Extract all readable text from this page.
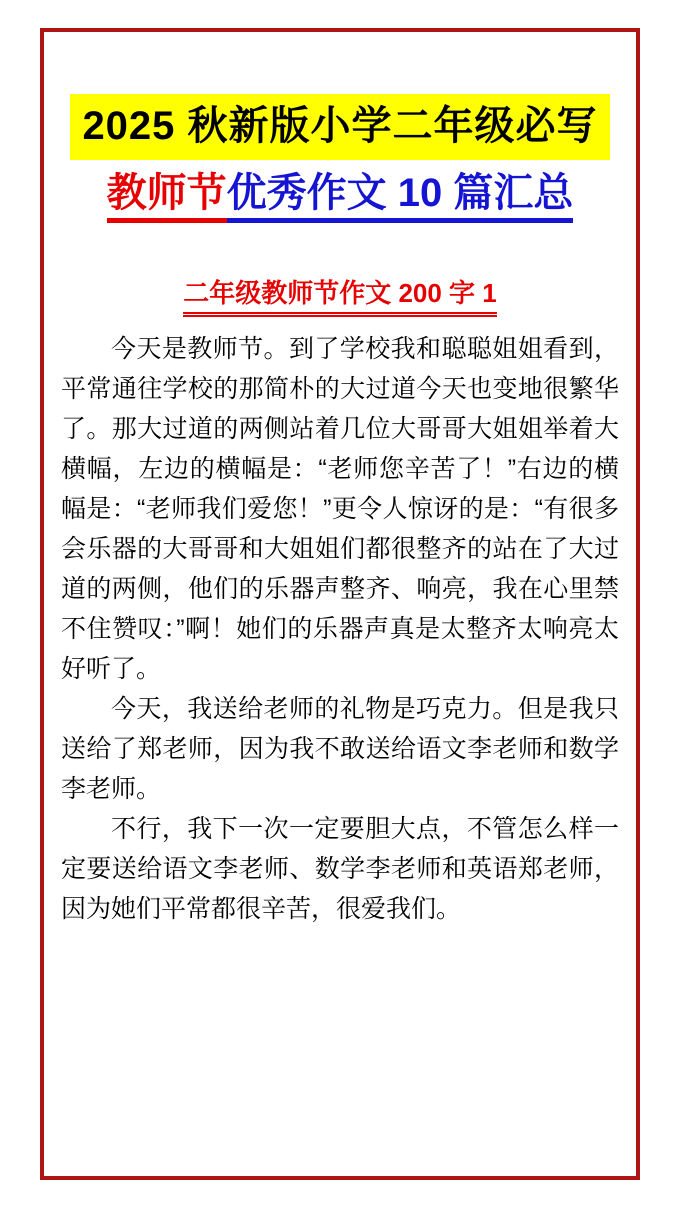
2025 秋新版小学二年级必写
教师节优秀作文 10 篇汇总
二年级教师节作文 200 字 1

今天是教师节。到了学校我和聪聪姐姐看到，平常通往学校的那简朴的大过道今天也变地很繁华了。那大过道的两侧站着几位大哥哥大姐姐举着大横幅，左边的横幅是：“老师您辛苦了！”右边的横幅是：“老师我们爱您！”更令人惊讶的是：“有很多会乐器的大哥哥和大姐姐们都很整齐的站在了大过道的两侧，他们的乐器声整齐、响亮，我在心里禁不住赞叹：”啊！她们的乐器声真是太整齐太响亮太好听了。

今天，我送给老师的礼物是巧克力。但是我只送给了郑老师，因为我不敢送给语文李老师和数学李老师。

不行，我下一次一定要胆大点，不管怎么样一定要送给语文李老师、数学李老师和英语郑老师，因为她们平常都很辛苦，很爱我们。
